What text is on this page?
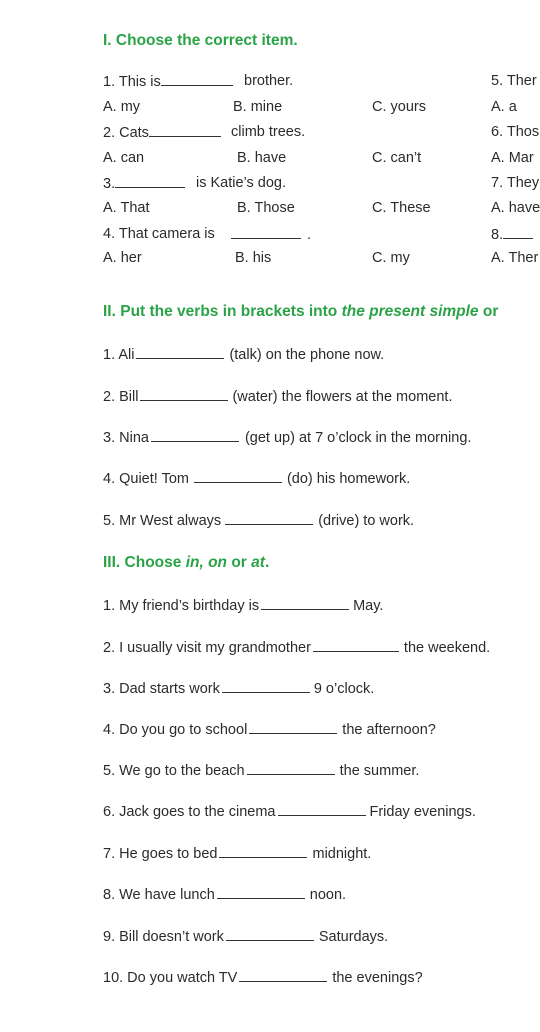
I. Choose the correct item.
1. This is	brother.
A. my	B. mine	C. yours
2. Cats	climb trees.
A. can	B. have	C. can’t
3.	is Katie’s dog.
A. That	B. Those	C. These
4. That camera is	.
A. her	B. his	C. my
5. Ther
A. a
6. Thos
A. Mar
7. They
A. have
8.
A. Ther
II. Put the verbs in brackets into the present simple or
1. Ali	(talk) on the phone now.
2. Bill	(water) the flowers at the moment.
3. Nina	(get up) at 7 o’clock in the morning.
4. Quiet! Tom	(do) his homework.
5. Mr West always	(drive) to work.
III. Choose in, on or at.
1. My friend’s birthday is	May.
2. I usually visit my grandmother	the weekend.
3. Dad starts work	9 o’clock.
4. Do you go to school	the afternoon?
5. We go to the beach	the summer.
6. Jack goes to the cinema	Friday evenings.
7. He goes to bed	midnight.
8. We have lunch	noon.
9. Bill doesn’t work	Saturdays.
10. Do you watch TV	the evenings?
